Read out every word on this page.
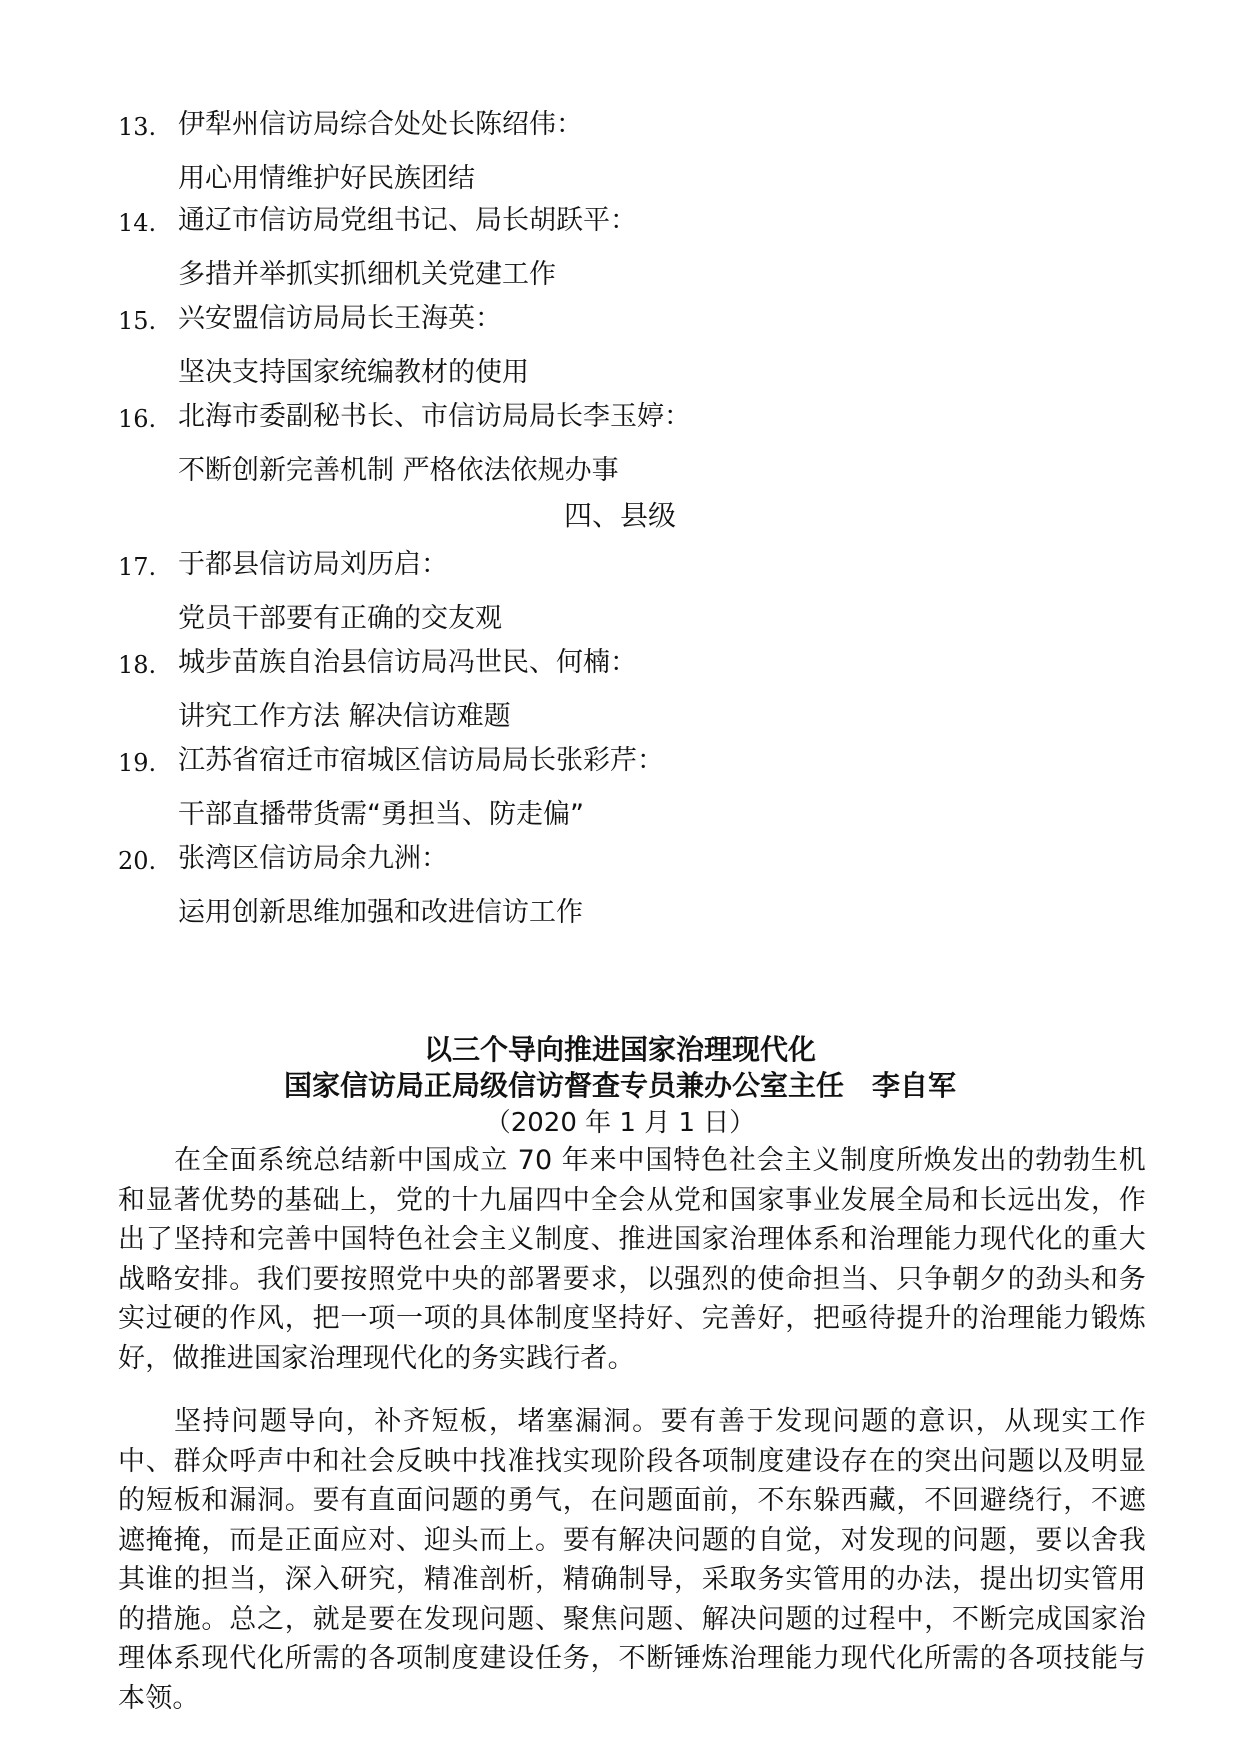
13. 伊犁州信访局综合处处长陈绍伟：
用心用情维护好民族团结
14. 通辽市信访局党组书记、局长胡跃平：
多措并举抓实抓细机关党建工作
15. 兴安盟信访局局长王海英：
坚决支持国家统编教材的使用
16. 北海市委副秘书长、市信访局局长李玉婷：
不断创新完善机制 严格依法依规办事
四、县级
17. 于都县信访局刘历启：
党员干部要有正确的交友观
18. 城步苗族自治县信访局冯世民、何楠：
讲究工作方法 解决信访难题
19. 江苏省宿迁市宿城区信访局局长张彩芹：
干部直播带货需“勇担当、防走偏”
20. 张湾区信访局余九洲：
运用创新思维加强和改进信访工作
以三个导向推进国家治理现代化
国家信访局正局级信访督查专员兼办公室主任　李自军
（2020 年 1 月 1 日）

在全面系统总结新中国成立 70 年来中国特色社会主义制度所焕发出的勃勃生机和显著优势的基础上，党的十九届四中全会从党和国家事业发展全局和长远出发，作出了坚持和完善中国特色社会主义制度、推进国家治理体系和治理能力现代化的重大战略安排。我们要按照党中央的部署要求，以强烈的使命担当、只争朝夕的劲头和务实过硬的作风，把一项一项的具体制度坚持好、完善好，把亟待提升的治理能力锻炼好，做推进国家治理现代化的务实践行者。

坚持问题导向，补齐短板，堵塞漏洞。要有善于发现问题的意识，从现实工作中、群众呼声中和社会反映中找准找实现阶段各项制度建设存在的突出问题以及明显的短板和漏洞。要有直面问题的勇气，在问题面前，不东躲西藏，不回避绕行，不遮遮掩掩，而是正面应对、迎头而上。要有解决问题的自觉，对发现的问题，要以舍我其谁的担当，深入研究，精准剖析，精确制导，采取务实管用的办法，提出切实管用的措施。总之，就是要在发现问题、聚焦问题、解决问题的过程中，不断完成国家治理体系现代化所需的各项制度建设任务，不断锤炼治理能力现代化所需的各项技能与本领。
